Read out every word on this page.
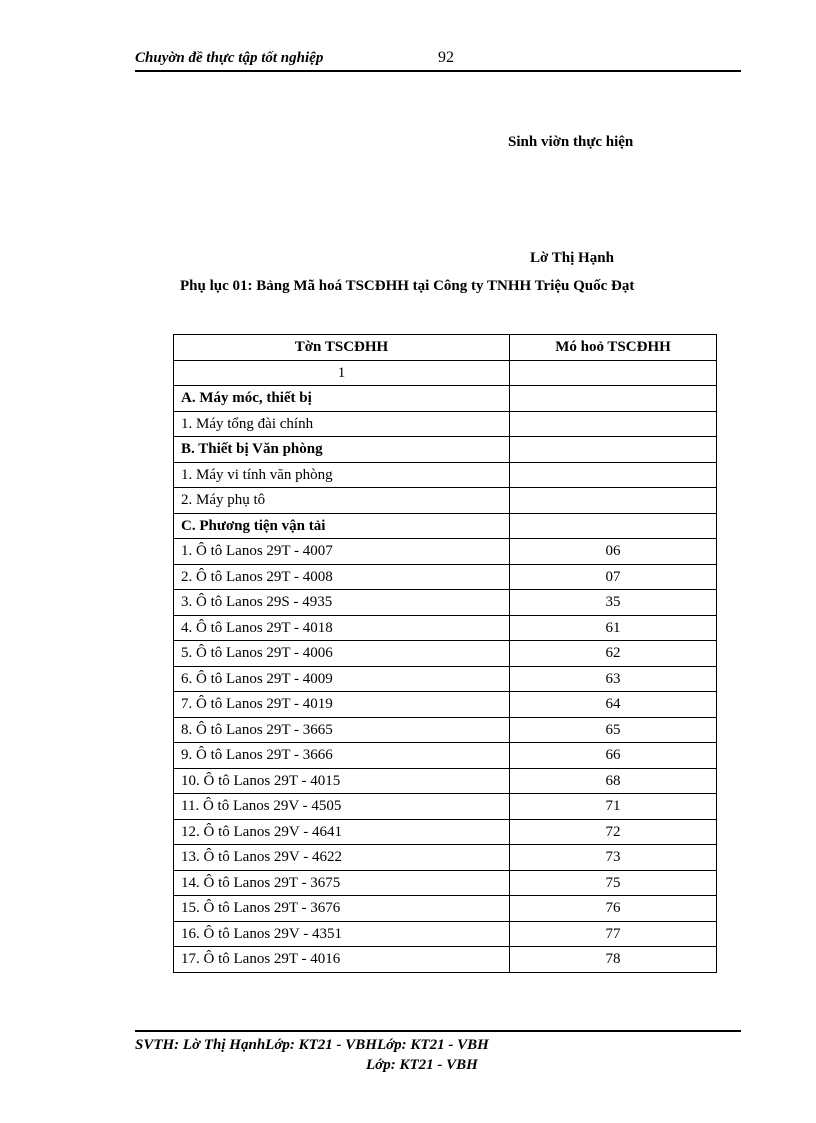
Chuyờn đề thực tập tốt nghiệp	92
Sinh viờn thực hiện
Lờ Thị Hạnh
Phụ lục 01: Bảng Mã hoá TSCĐHH tại Công ty TNHH Triệu Quốc Đạt
Tờn TSCĐHH	Mó hoỏ TSCĐHH
1	
A. Máy móc, thiết bị	
1. Máy tổng đài chính	
B. Thiết bị Văn phòng	
1. Máy vi tính văn phòng	
2. Máy phụ tô	
C. Phương tiện vận tải	
1. Ô tô Lanos 29T - 4007	06
2. Ô tô Lanos 29T - 4008	07
3. Ô tô Lanos 29S - 4935	35
4. Ô tô Lanos 29T - 4018	61
5. Ô tô Lanos 29T - 4006	62
6. Ô tô Lanos 29T - 4009	63
7. Ô tô Lanos 29T - 4019	64
8. Ô tô Lanos 29T - 3665	65
9. Ô tô Lanos 29T - 3666	66
10. Ô tô Lanos 29T - 4015	68
11. Ô tô Lanos 29V - 4505	71
12. Ô tô Lanos 29V - 4641	72
13. Ô tô Lanos 29V - 4622	73
14. Ô tô Lanos 29T - 3675	75
15. Ô tô Lanos 29T - 3676	76
16. Ô tô Lanos 29V - 4351	77
17. Ô tô Lanos 29T - 4016	78
SVTH: Lờ Thị HạnhLớp: KT21 - VBHLớp: KT21 - VBH
Lớp: KT21 - VBH
